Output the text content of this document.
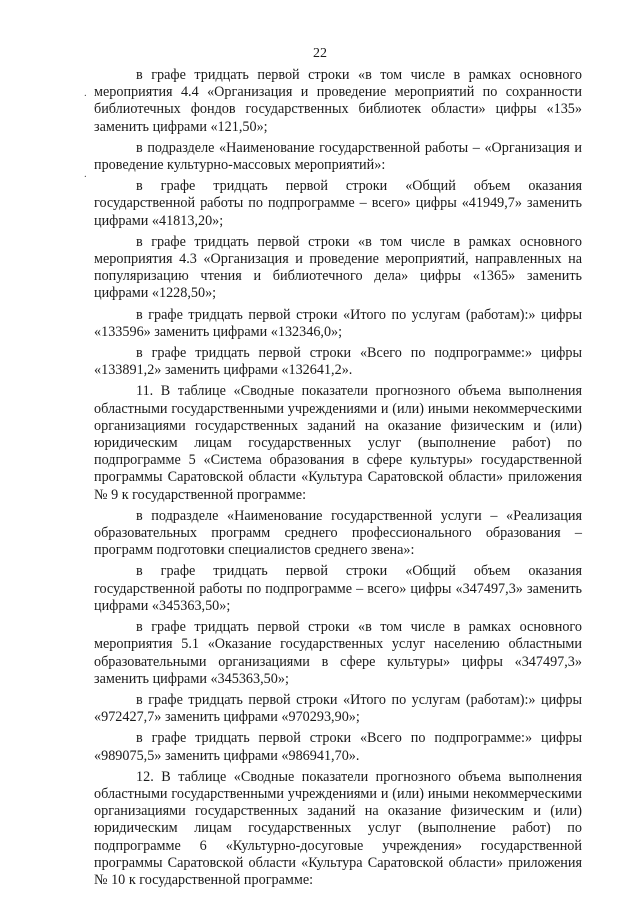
22
.
.

в графе тридцать первой строки «в том числе в рамках основного мероприятия 4.4 «Организация и проведение мероприятий по сохранности библиотечных фондов государственных библиотек области» цифры «135» заменить цифрами «121,50»;

в подразделе «Наименование государственной работы – «Организация и проведение культурно-массовых мероприятий»:

в графе тридцать первой строки «Общий объем оказания государственной работы по подпрограмме – всего» цифры «41949,7» заменить цифрами «41813,20»;

в графе тридцать первой строки «в том числе в рамках основного мероприятия 4.3 «Организация и проведение мероприятий, направленных на популяризацию чтения и библиотечного дела» цифры «1365» заменить цифрами «1228,50»;

в графе тридцать первой строки «Итого по услугам (работам):» цифры «133596» заменить цифрами «132346,0»;

в графе тридцать первой строки «Всего по подпрограмме:» цифры «133891,2» заменить цифрами «132641,2».

11. В таблице «Сводные показатели прогнозного объема выполнения областными государственными учреждениями и (или) иными некоммерческими организациями государственных заданий на оказание физическим и (или) юридическим лицам государственных услуг (выполнение работ) по подпрограмме 5 «Система образования в сфере культуры» государственной программы Саратовской области «Культура Саратовской области» приложения № 9 к государственной программе:

в подразделе «Наименование государственной услуги – «Реализация образовательных программ среднего профессионального образования – программ подготовки специалистов среднего звена»:

в графе тридцать первой строки «Общий объем оказания государственной работы по подпрограмме – всего» цифры «347497,3» заменить цифрами «345363,50»;

в графе тридцать первой строки «в том числе в рамках основного мероприятия 5.1 «Оказание государственных услуг населению областными образовательными организациями в сфере культуры» цифры «347497,3» заменить цифрами «345363,50»;

в графе тридцать первой строки «Итого по услугам (работам):» цифры «972427,7» заменить цифрами «970293,90»;

в графе тридцать первой строки «Всего по подпрограмме:» цифры «989075,5» заменить цифрами «986941,70».

12. В таблице «Сводные показатели прогнозного объема выполнения областными государственными учреждениями и (или) иными некоммерческими организациями государственных заданий на оказание физическим и (или) юридическим лицам государственных услуг (выполнение работ) по подпрограмме 6 «Культурно-досуговые учреждения» государственной программы Саратовской области «Культура Саратовской области» приложения № 10 к государственной программе:
